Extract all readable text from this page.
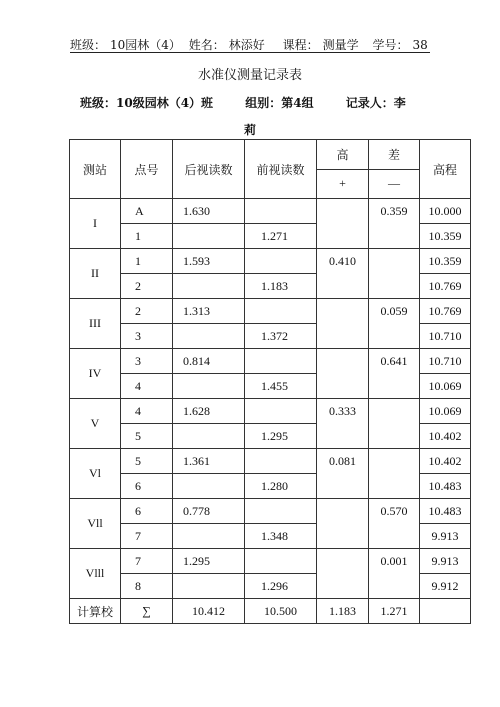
班级： 10园林（4） 姓名： 林添好 课程： 测量学 学号： 38
水准仪测量记录表
班级：10级园林（4）班	组别：第4组	记录人：李
莉
测站	点号	后视读数	前视读数	高	差	高程
				+	—	
I	A	1.630			0.359	10.000
	1		1.271			10.359
II	1	1.593		0.410		10.359
	2		1.183			10.769
III	2	1.313			0.059	10.769
	3		1.372			10.710
IV	3	0.814			0.641	10.710
	4		1.455			10.069
V	4	1.628		0.333		10.069
	5		1.295			10.402
Vl	5	1.361		0.081		10.402
	6		1.280			10.483
Vll	6	0.778			0.570	10.483
	7		1.348			9.913
Vlll	7	1.295			0.001	9.913
	8		1.296			9.912
计算校	∑	10.412	10.500	1.183	1.271	
